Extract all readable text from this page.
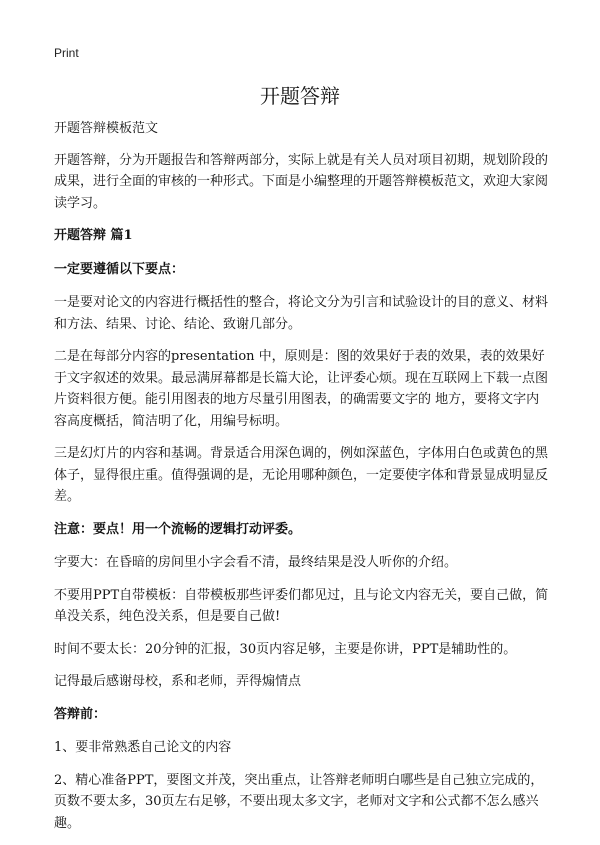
Print
开题答辩

开题答辩模板范文

开题答辩，分为开题报告和答辩两部分，实际上就是有关人员对项目初期，规划阶段的成果，进行全面的审核的一种形式。下面是小编整理的开题答辩模板范文，欢迎大家阅读学习。

开题答辩 篇1

一定要遵循以下要点：

一是要对论文的内容进行概括性的整合，将论文分为引言和试验设计的目的意义、材料和方法、结果、讨论、结论、致谢几部分。

二是在每部分内容的presentation 中，原则是：图的效果好于表的效果，表的效果好于文字叙述的效果。最忌满屏幕都是长篇大论，让评委心烦。现在互联网上下载一点图片资料很方便。能引用图表的地方尽量引用图表，的确需要文字的 地方，要将文字内容高度概括，简洁明了化，用编号标明。

三是幻灯片的内容和基调。背景适合用深色调的，例如深蓝色，字体用白色或黄色的黑体子，显得很庄重。值得强调的是，无论用哪种颜色，一定要使字体和背景显成明显反差。

注意：要点！用一个流畅的逻辑打动评委。

字要大：在昏暗的房间里小字会看不清，最终结果是没人听你的介绍。

不要用PPT自带模板：自带模板那些评委们都见过，且与论文内容无关，要自己做，简单没关系，纯色没关系，但是要自己做!

时间不要太长：20分钟的汇报，30页内容足够，主要是你讲，PPT是辅助性的。

记得最后感谢母校，系和老师，弄得煽情点

答辩前：

1、要非常熟悉自己论文的内容

2、精心准备PPT，要图文并茂，突出重点，让答辩老师明白哪些是自己独立完成的，页数不要太多，30页左右足够，不要出现太多文字，老师对文字和公式都不怎么感兴趣。
